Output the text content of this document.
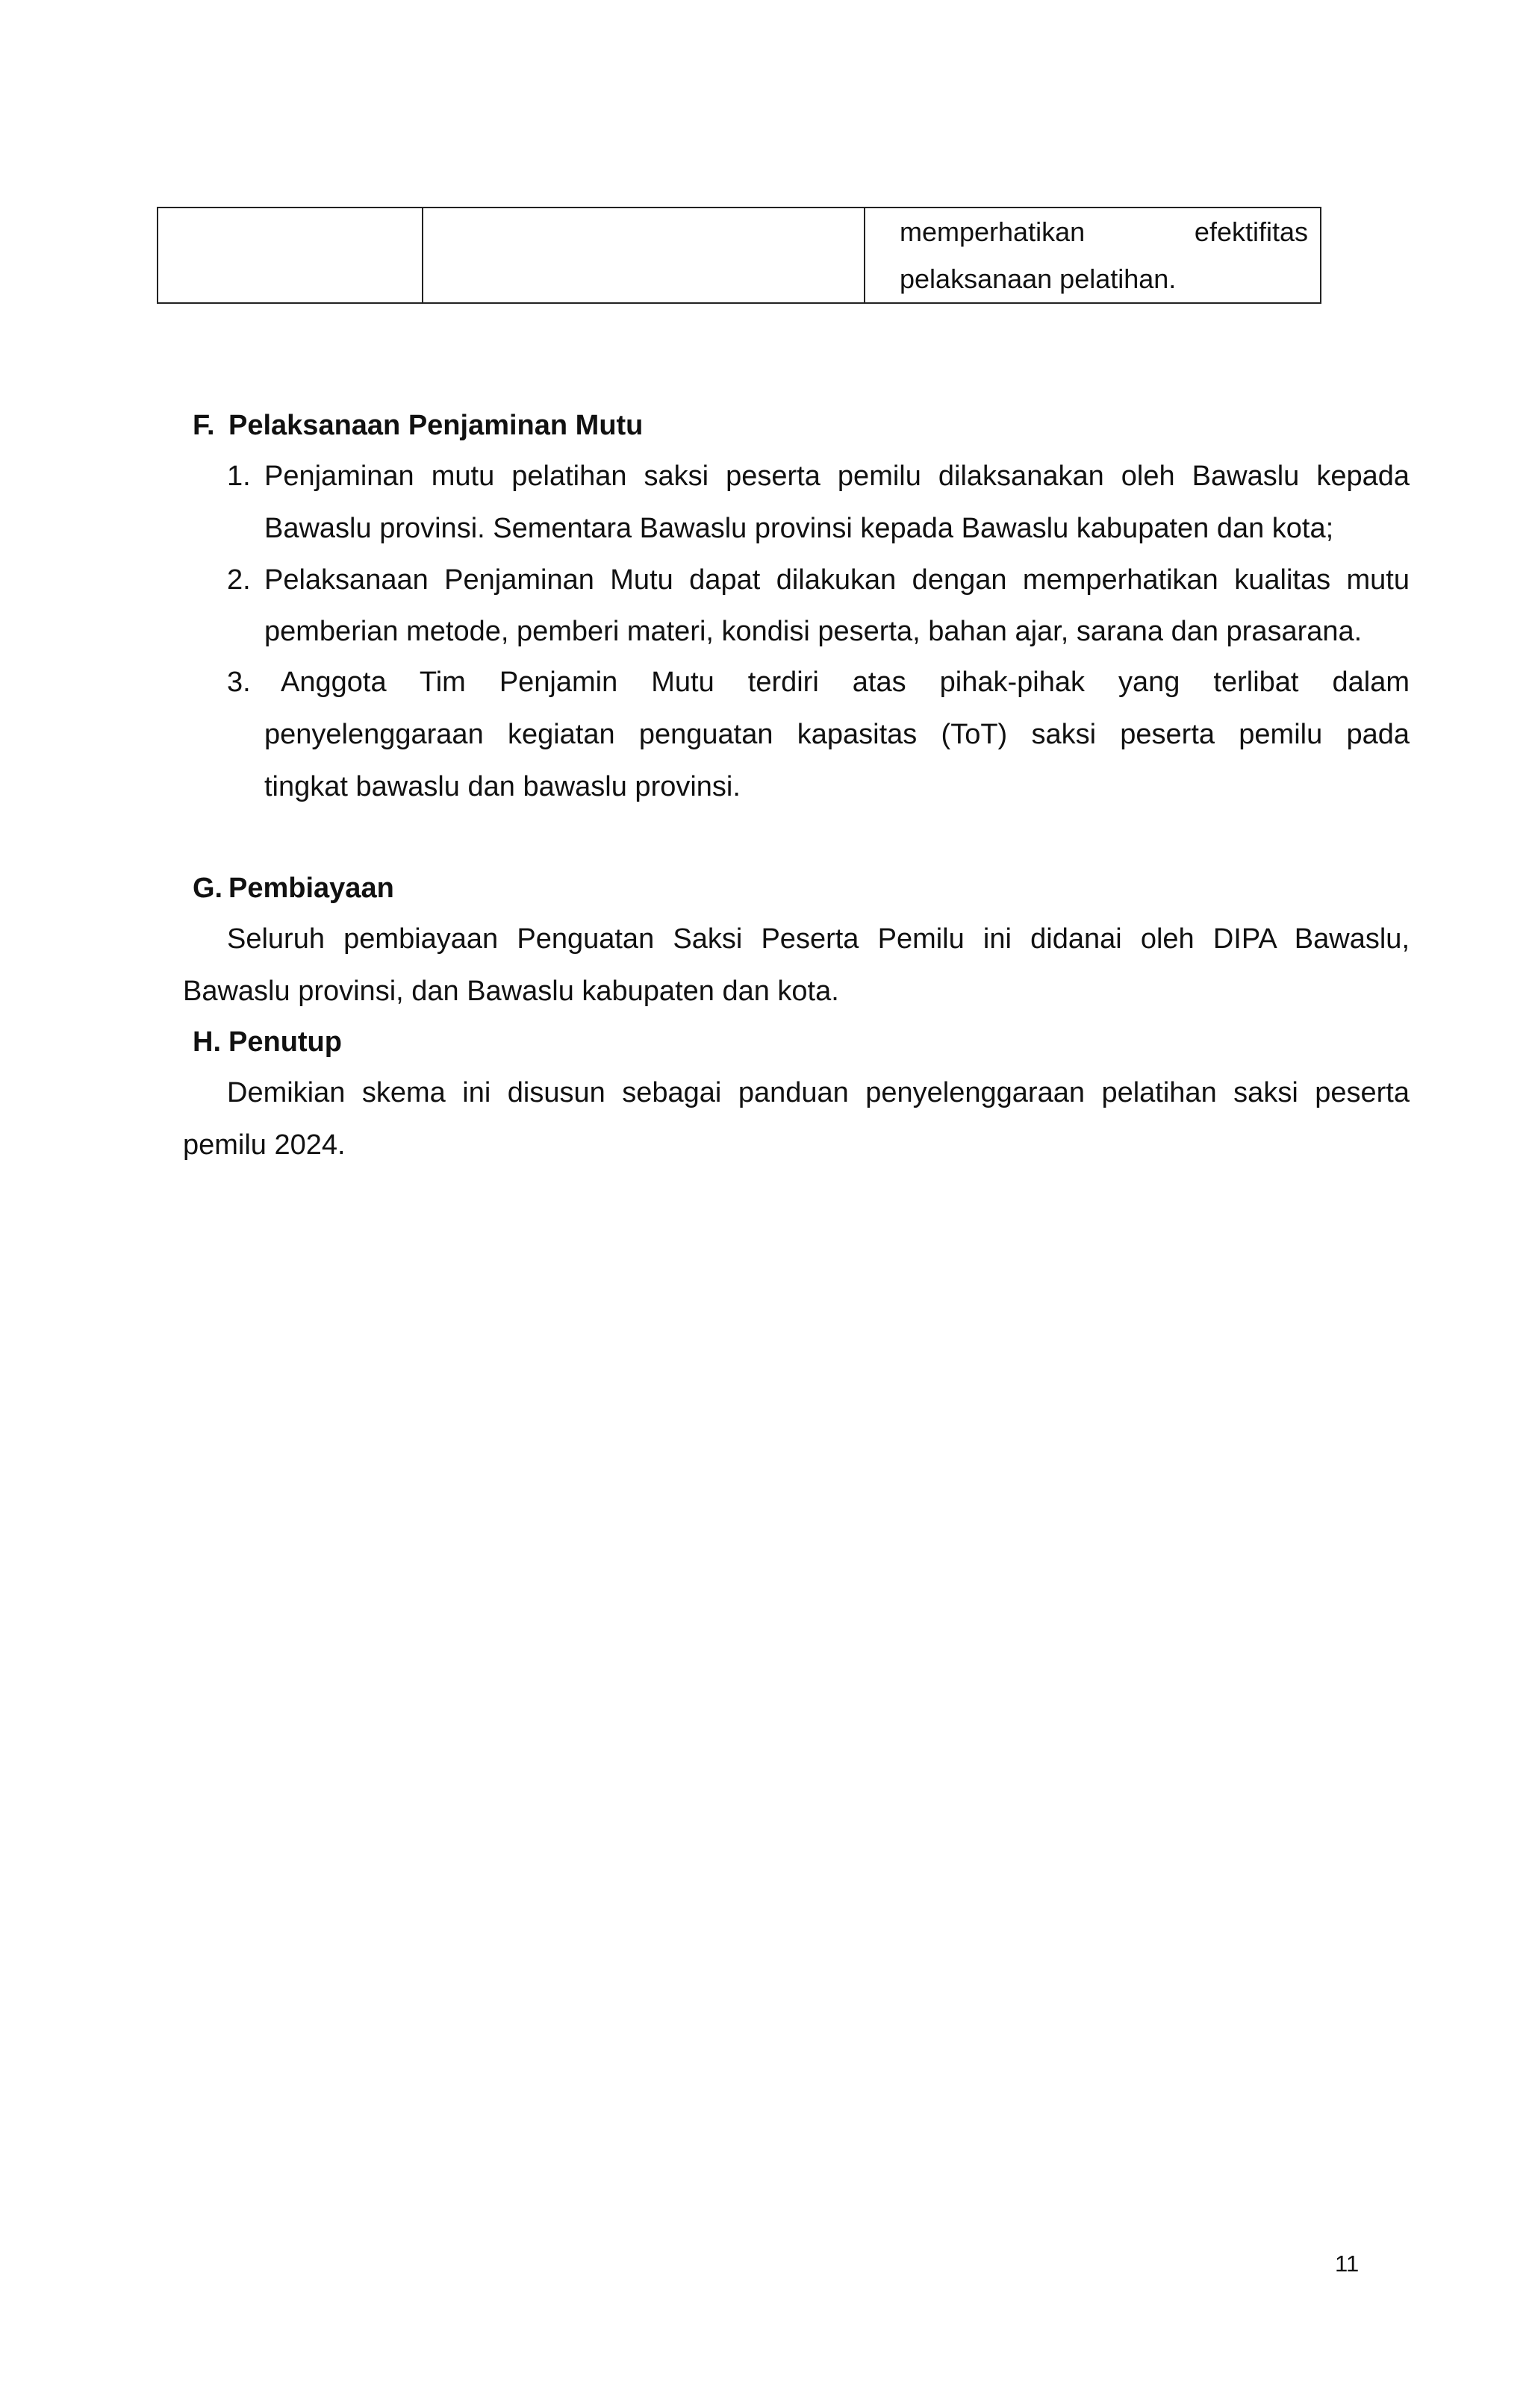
memperhatikan efektifitas
pelaksanaan pelatihan.
F. Pelaksanaan Penjaminan Mutu
1. Penjaminan mutu pelatihan saksi peserta pemilu dilaksanakan oleh Bawaslu kepada
Bawaslu provinsi. Sementara Bawaslu provinsi kepada Bawaslu kabupaten dan kota;
2. Pelaksanaan Penjaminan Mutu dapat dilakukan dengan memperhatikan kualitas mutu
pemberian metode, pemberi materi, kondisi peserta, bahan ajar, sarana dan prasarana.
3. Anggota Tim Penjamin Mutu terdiri atas pihak-pihak yang terlibat dalam
penyelenggaraan kegiatan penguatan kapasitas (ToT) saksi peserta pemilu pada
tingkat bawaslu dan bawaslu provinsi.
G. Pembiayaan
Seluruh pembiayaan Penguatan Saksi Peserta Pemilu ini didanai oleh DIPA Bawaslu,
Bawaslu provinsi, dan Bawaslu kabupaten dan kota.
H. Penutup
Demikian skema ini disusun sebagai panduan penyelenggaraan pelatihan saksi peserta
pemilu 2024.
11
